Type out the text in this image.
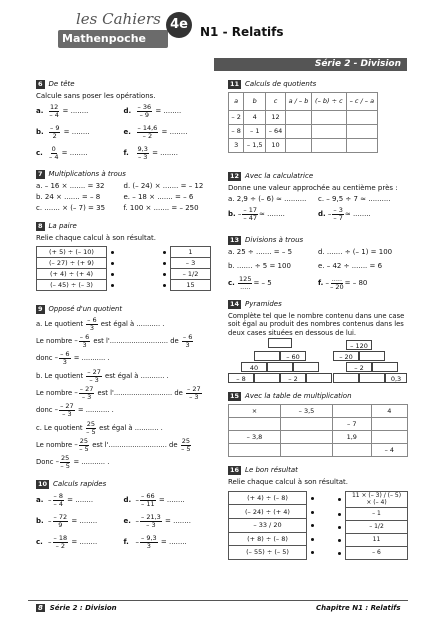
les Cahiers
Mathenpoche
4e	N1 - Relatifs
Série 2 - Division
6 De tête
Calcule sans poser les opérations.
a. $\frac{12}{- 4}$ = ........	d. $\frac{- 36}{- 9}$ = ........
b. $\frac{- 9}{2}$ = ........	e. $\frac{- 14,6}{- 2}$ = ........
c. $\frac{0}{- 4}$ = ........	f.	$\frac{9,3}{- 3}$ = ........
7 Multiplications à trous
a. – 16 × ....... = 32	d. (– 24) × ....... = – 12
b. 24 × ....... = – 8	e. – 18 × ....... = – 6
c. ....... × (– 7) = 35	f. 100 × ....... = – 250
8 La paire
Relie chaque calcul à son résultat.
(+ 5) ÷ (– 10)	
(– 27) ÷ (+ 9)	
(+ 4) ÷ (+ 4)	
(– 45) ÷ (– 3)	
	1
	– 3
	– 1/2
	15
9 Opposé d'un quotient
a. Le quotient $\frac{- 6}{3}$ est égal à ........... .
Le nombre – $\frac{- 6}{3}$ est l'........................... de $\frac{- 6}{3}$
donc – $\frac{- 6}{3}$ = ........... .
b. Le quotient $\frac{- 27}{- 3}$ est égal à ........... .
Le nombre – $\frac{- 27}{- 3}$ est l'........................... de $\frac{- 27}{- 3}$
donc – $\frac{- 27}{- 3}$ = ........... .
c. Le quotient $\frac{25}{- 5}$ est égal à ........... .
Le nombre – $\frac{25}{- 5}$ est l'........................... de $\frac{25}{- 5}$
Donc – $\frac{25}{- 5}$ = ........... .
10 Calculs rapides
a. – $\frac{- 8}{- 4}$ = ........	d. – $\frac{- 66}{- 11}$ = ........
b. – $\frac{- 72}{9}$ = ........	e. – $\frac{- 21,3}{- 3}$ = ........
c. – $\frac{- 18}{- 2}$ = ........	f. – $\frac{- 9,3}{3}$ = ........
11 Calculs de quotients
a	b	c	a / – b	(– b) ÷ c	– c / – a
– 2	4	12			
– 8	– 1	– 64			
3	– 1,5	10			
12 Avec la calculatrice
Donne une valeur approchée au centième près :
a. 2,9 ÷ (– 6) ≈ ..........	c. – 9,5 ÷ 7 ≈ ..........
b. – $\frac{- 17}{- 47}$ ≈ ........	d. – $\frac{- 3}{- 7}$ ≈ ........
13 Divisions à trous
a. 25 ÷ ....... = – 5	d. ....... ÷ (– 1) = 100
b. ....... ÷ 5 = 100	e. – 42 ÷ ....... = 6
c.
$\frac{125}{.....}$ = – 5	f. – $\frac{.....}{- 20}$ = – 80
14 Pyramides
Complète tel que le nombre contenu dans une case soit égal au produit des nombres contenus dans les deux cases situées en dessous de lui.
– 60
40
– 8	– 2
– 120
– 20
– 2
0,3
15 Avec la table de multiplication
×	– 3,5		4
		– 7	
– 3,8		1,9	
			– 4
16 Le bon résultat
Relie chaque calcul à son résultat.
(+ 4) ÷ (– 8)	
(– 24) ÷ (+ 4)	
– 33 / 20	
(+ 8) ÷ (– 8)	
(– 55) ÷ (– 5)	
	11 × (– 3) / (– 5) × (– 4)
	– 1
	– 1/2
	11
	– 6
8 Série 2 : Division	Chapitre N1 : Relatifs
